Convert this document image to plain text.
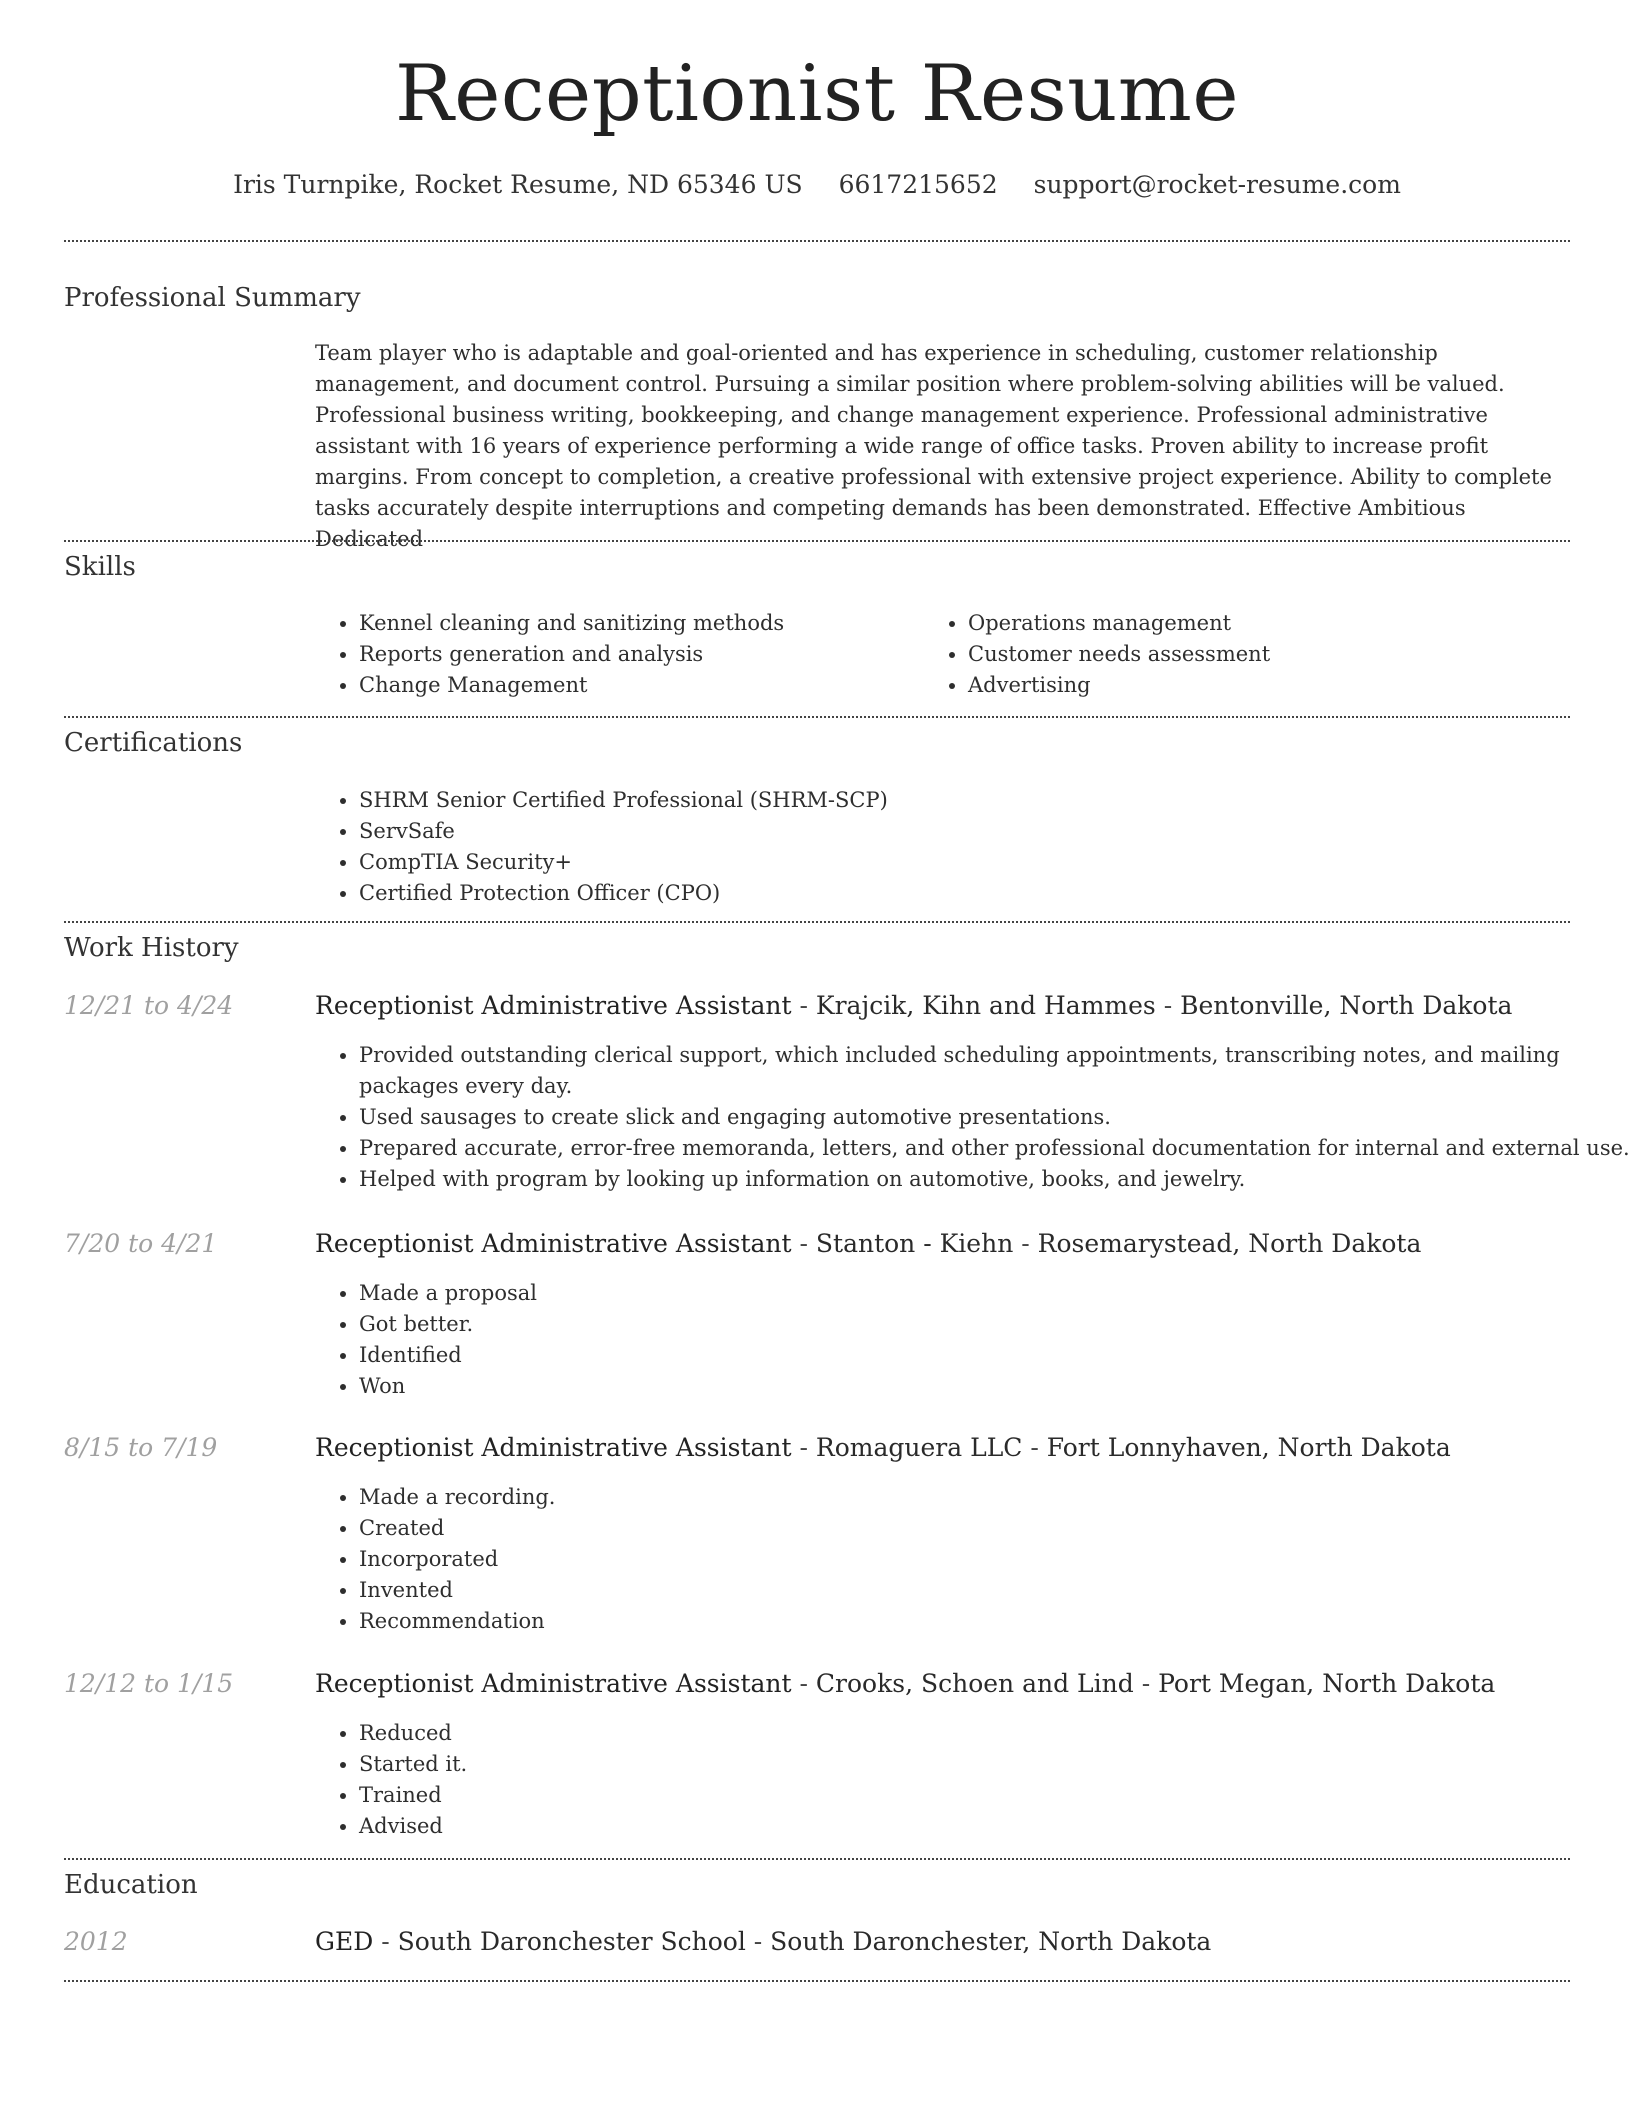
Receptionist Resume
Iris Turnpike, Rocket Resume, ND 65346 US 6617215652 support@rocket-resume.com
Professional Summary
Team player who is adaptable and goal-oriented and has experience in scheduling, customer relationship management, and document control. Pursuing a similar position where problem-solving abilities will be valued. Professional business writing, bookkeeping, and change management experience. Professional administrative assistant with 16 years of experience performing a wide range of office tasks. Proven ability to increase profit margins. From concept to completion, a creative professional with extensive project experience. Ability to complete tasks accurately despite interruptions and competing demands has been demonstrated. Effective Ambitious Dedicated
Skills
• Kennel cleaning and sanitizing methods
• Reports generation and analysis
• Change Management
• Operations management
• Customer needs assessment
• Advertising
Certifications
• SHRM Senior Certified Professional (SHRM-SCP)
• ServSafe
• CompTIA Security+
• Certified Protection Officer (CPO)
Work History
12/21 to 4/24	Receptionist Administrative Assistant - Krajcik, Kihn and Hammes - Bentonville, North Dakota
• Provided outstanding clerical support, which included scheduling appointments, transcribing notes, and mailing packages every day.
• Used sausages to create slick and engaging automotive presentations.
• Prepared accurate, error-free memoranda, letters, and other professional documentation for internal and external use.
• Helped with program by looking up information on automotive, books, and jewelry.
7/20 to 4/21	Receptionist Administrative Assistant - Stanton - Kiehn - Rosemarystead, North Dakota
• Made a proposal
• Got better.
• Identified
• Won
8/15 to 7/19	Receptionist Administrative Assistant - Romaguera LLC - Fort Lonnyhaven, North Dakota
• Made a recording.
• Created
• Incorporated
• Invented
• Recommendation
12/12 to 1/15	Receptionist Administrative Assistant - Crooks, Schoen and Lind - Port Megan, North Dakota
• Reduced
• Started it.
• Trained
• Advised
Education
2012	GED - South Daronchester School - South Daronchester, North Dakota
